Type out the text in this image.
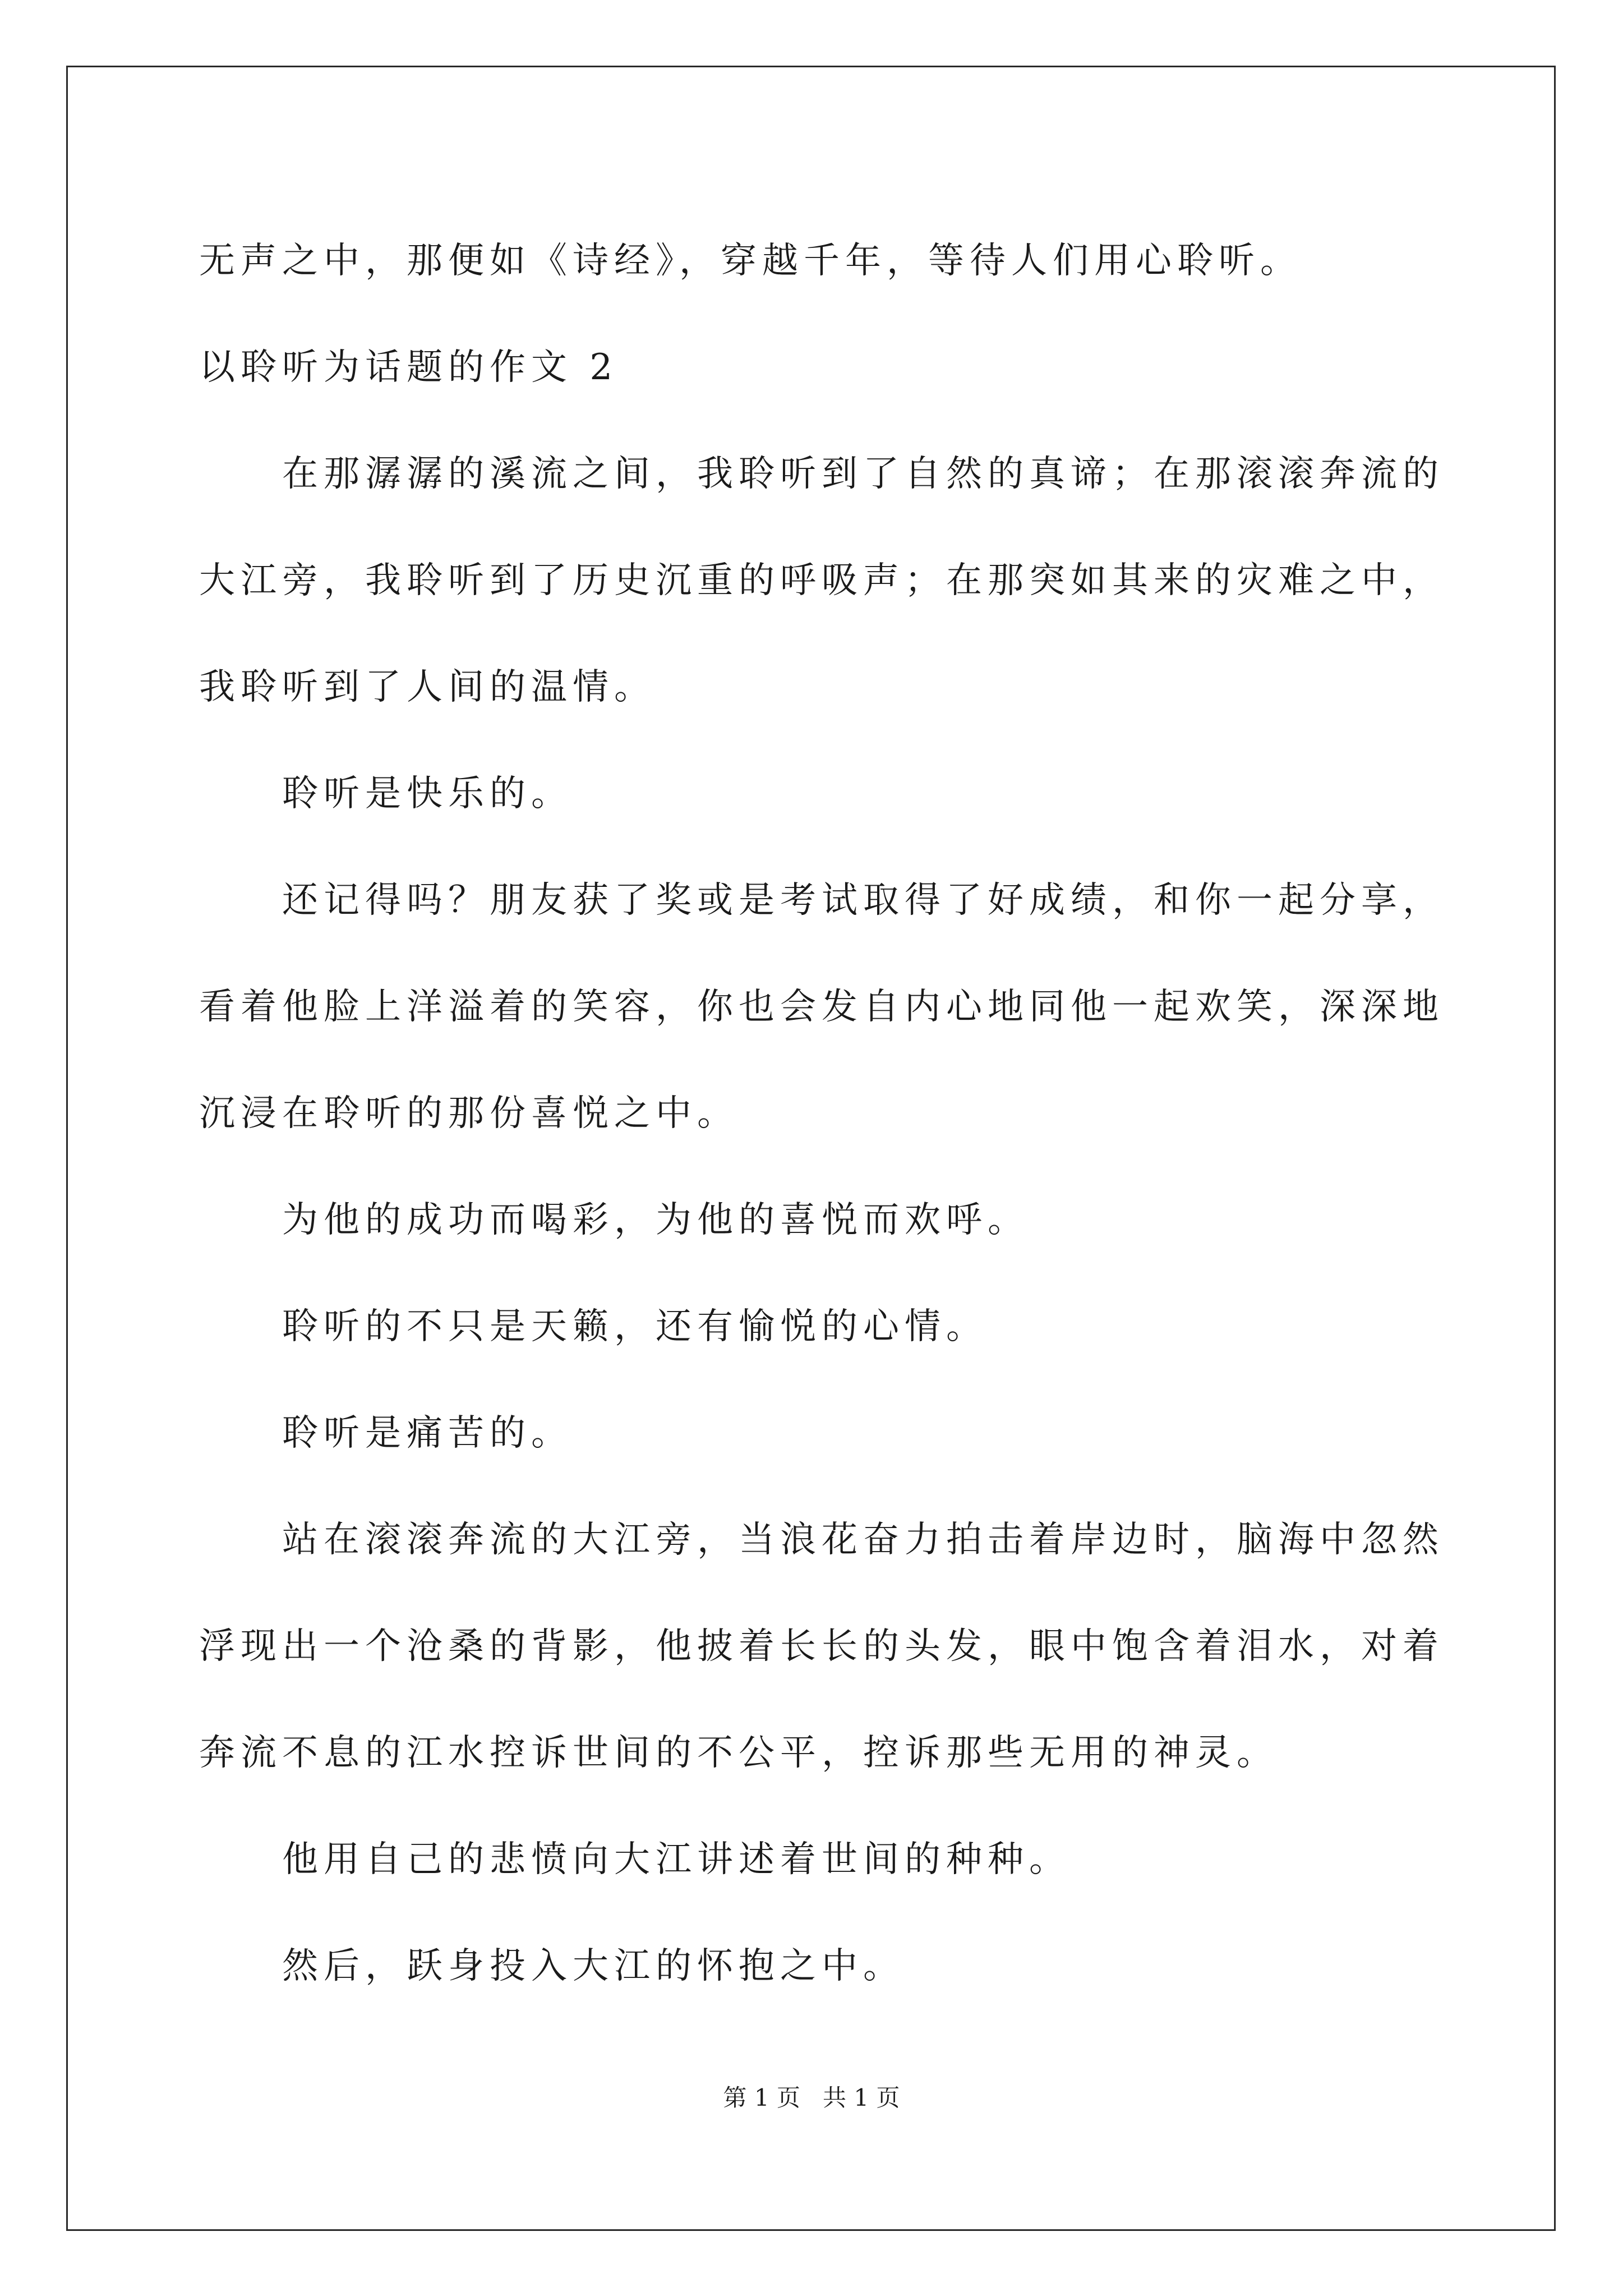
无声之中，那便如《诗经》，穿越千年，等待人们用心聆听。
以聆听为话题的作文 2
在那潺潺的溪流之间，我聆听到了自然的真谛；在那滚滚奔流的
大江旁，我聆听到了历史沉重的呼吸声；在那突如其来的灾难之中，
我聆听到了人间的温情。
聆听是快乐的。
还记得吗？朋友获了奖或是考试取得了好成绩，和你一起分享，
看着他脸上洋溢着的笑容，你也会发自内心地同他一起欢笑，深深地
沉浸在聆听的那份喜悦之中。
为他的成功而喝彩，为他的喜悦而欢呼。
聆听的不只是天籁，还有愉悦的心情。
聆听是痛苦的。
站在滚滚奔流的大江旁，当浪花奋力拍击着岸边时，脑海中忽然
浮现出一个沧桑的背影，他披着长长的头发，眼中饱含着泪水，对着
奔流不息的江水控诉世间的不公平，控诉那些无用的神灵。
他用自己的悲愤向大江讲述着世间的种种。
然后，跃身投入大江的怀抱之中。
第 1 页   共 1 页
